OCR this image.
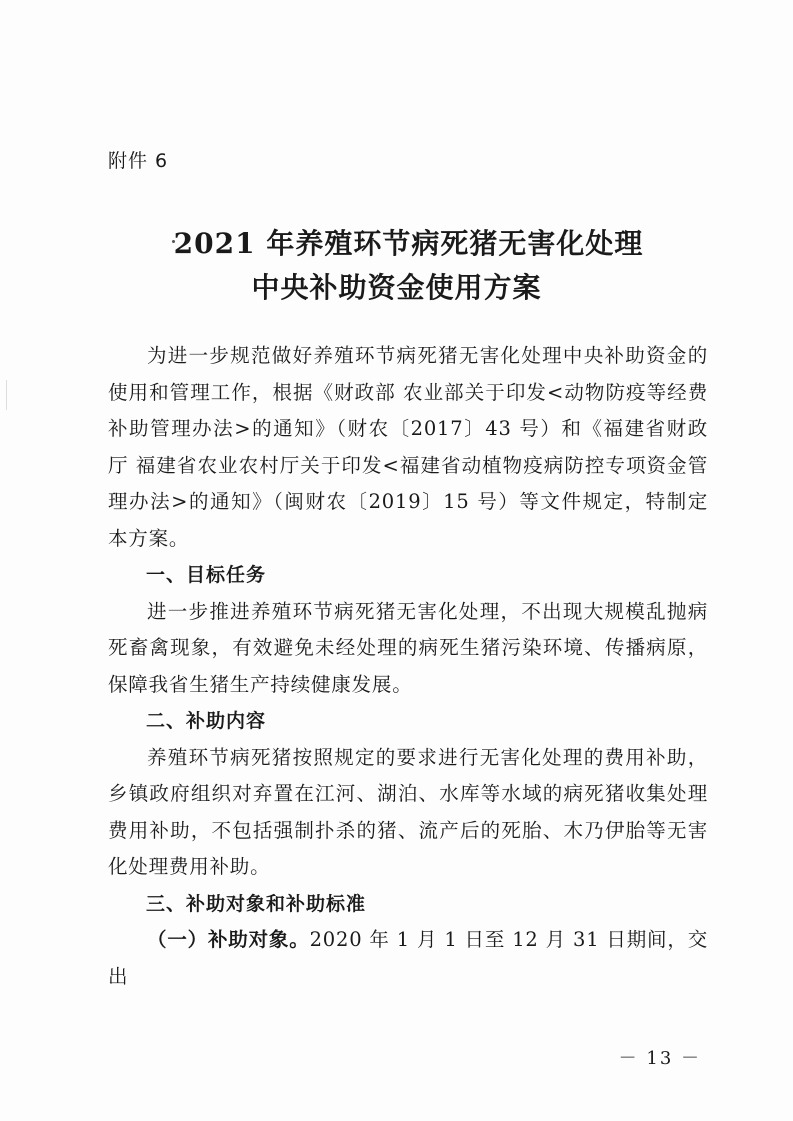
附件 6
2021 年养殖环节病死猪无害化处理
中央补助资金使用方案

为进一步规范做好养殖环节病死猪无害化处理中央补助资金的使用和管理工作，根据《财政部 农业部关于印发<动物防疫等经费补助管理办法>的通知》（财农〔2017〕43 号）和《福建省财政厅 福建省农业农村厅关于印发<福建省动植物疫病防控专项资金管理办法>的通知》（闽财农〔2019〕15 号）等文件规定，特制定本方案。

一、目标任务

进一步推进养殖环节病死猪无害化处理，不出现大规模乱抛病死畜禽现象，有效避免未经处理的病死生猪污染环境、传播病原，保障我省生猪生产持续健康发展。

二、补助内容

养殖环节病死猪按照规定的要求进行无害化处理的费用补助，乡镇政府组织对弃置在江河、湖泊、水库等水域的病死猪收集处理费用补助，不包括强制扑杀的猪、流产后的死胎、木乃伊胎等无害化处理费用补助。

三、补助对象和补助标准

（一）补助对象。2020 年 1 月 1 日至 12 月 31 日期间，交出

－ 13 －
